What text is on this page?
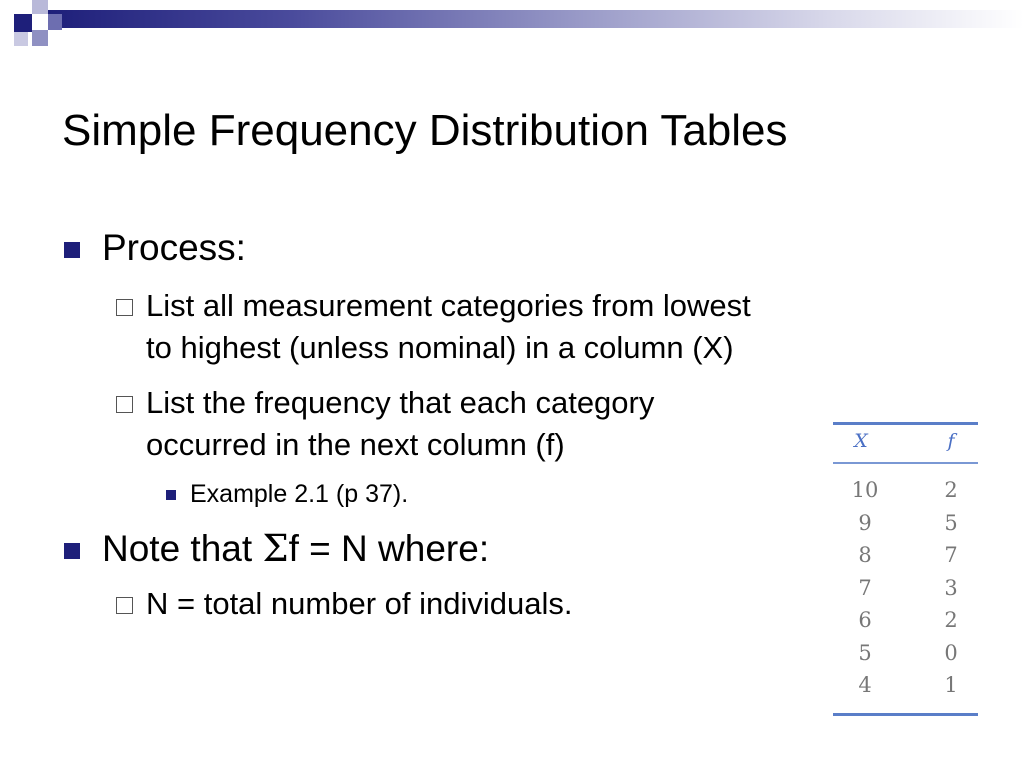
Simple Frequency Distribution Tables
Process:
List all measurement categories from lowest
to highest (unless nominal) in a column (X)
List the frequency that each category
occurred in the next column (f)
Example 2.1 (p 37).
Note that Σf = N where:
N = total number of individuals.
X	f
10	2
9	5
8	7
7	3
6	2
5	0
4	1
